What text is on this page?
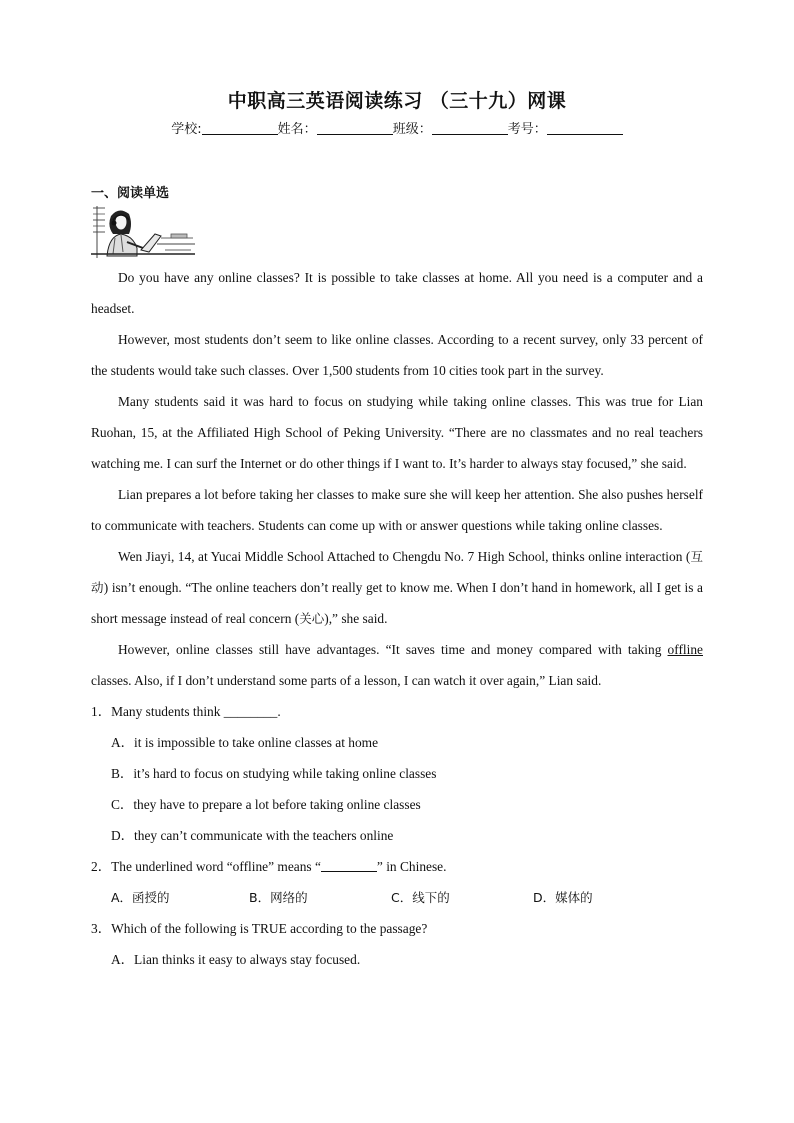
中职高三英语阅读练习 （三十九）网课
学校:	姓名：	班级：	考号：
一、阅读单选

Do you have any online classes? It is possible to take classes at home. All you need is a computer and a headset.

However, most students don’t seem to like online classes. According to a recent survey, only 33 percent of the students would take such classes. Over 1,500 students from 10 cities took part in the survey.

Many students said it was hard to focus on studying while taking online classes. This was true for Lian Ruohan, 15, at the Affiliated High School of Peking University. “There are no classmates and no real teachers watching me. I can surf the Internet or do other things if I want to. It’s harder to always stay focused,” she said.

Lian prepares a lot before taking her classes to make sure she will keep her attention. She also pushes herself to communicate with teachers. Students can come up with or answer questions while taking online classes.

Wen Jiayi, 14, at Yucai Middle School Attached to Chengdu No. 7 High School, thinks online interaction (互动) isn’t enough. “The online teachers don’t really get to know me. When I don’t hand in homework, all I get is a short message instead of real concern (关心),” she said.

However, online classes still have advantages. “It saves time and money compared with taking offline classes. Also, if I don’t understand some parts of a lesson, I can watch it over again,” Lian said.

1．Many students think ________.
A．it is impossible to take online classes at home
B．it’s hard to focus on studying while taking online classes
C．they have to prepare a lot before taking online classes
D．they can’t communicate with the teachers online
2．The underlined word “offline” means “	” in Chinese.
A．函授的	B．网络的	C．线下的	D．媒体的
3．Which of the following is TRUE according to the passage?
A．Lian thinks it easy to always stay focused.
